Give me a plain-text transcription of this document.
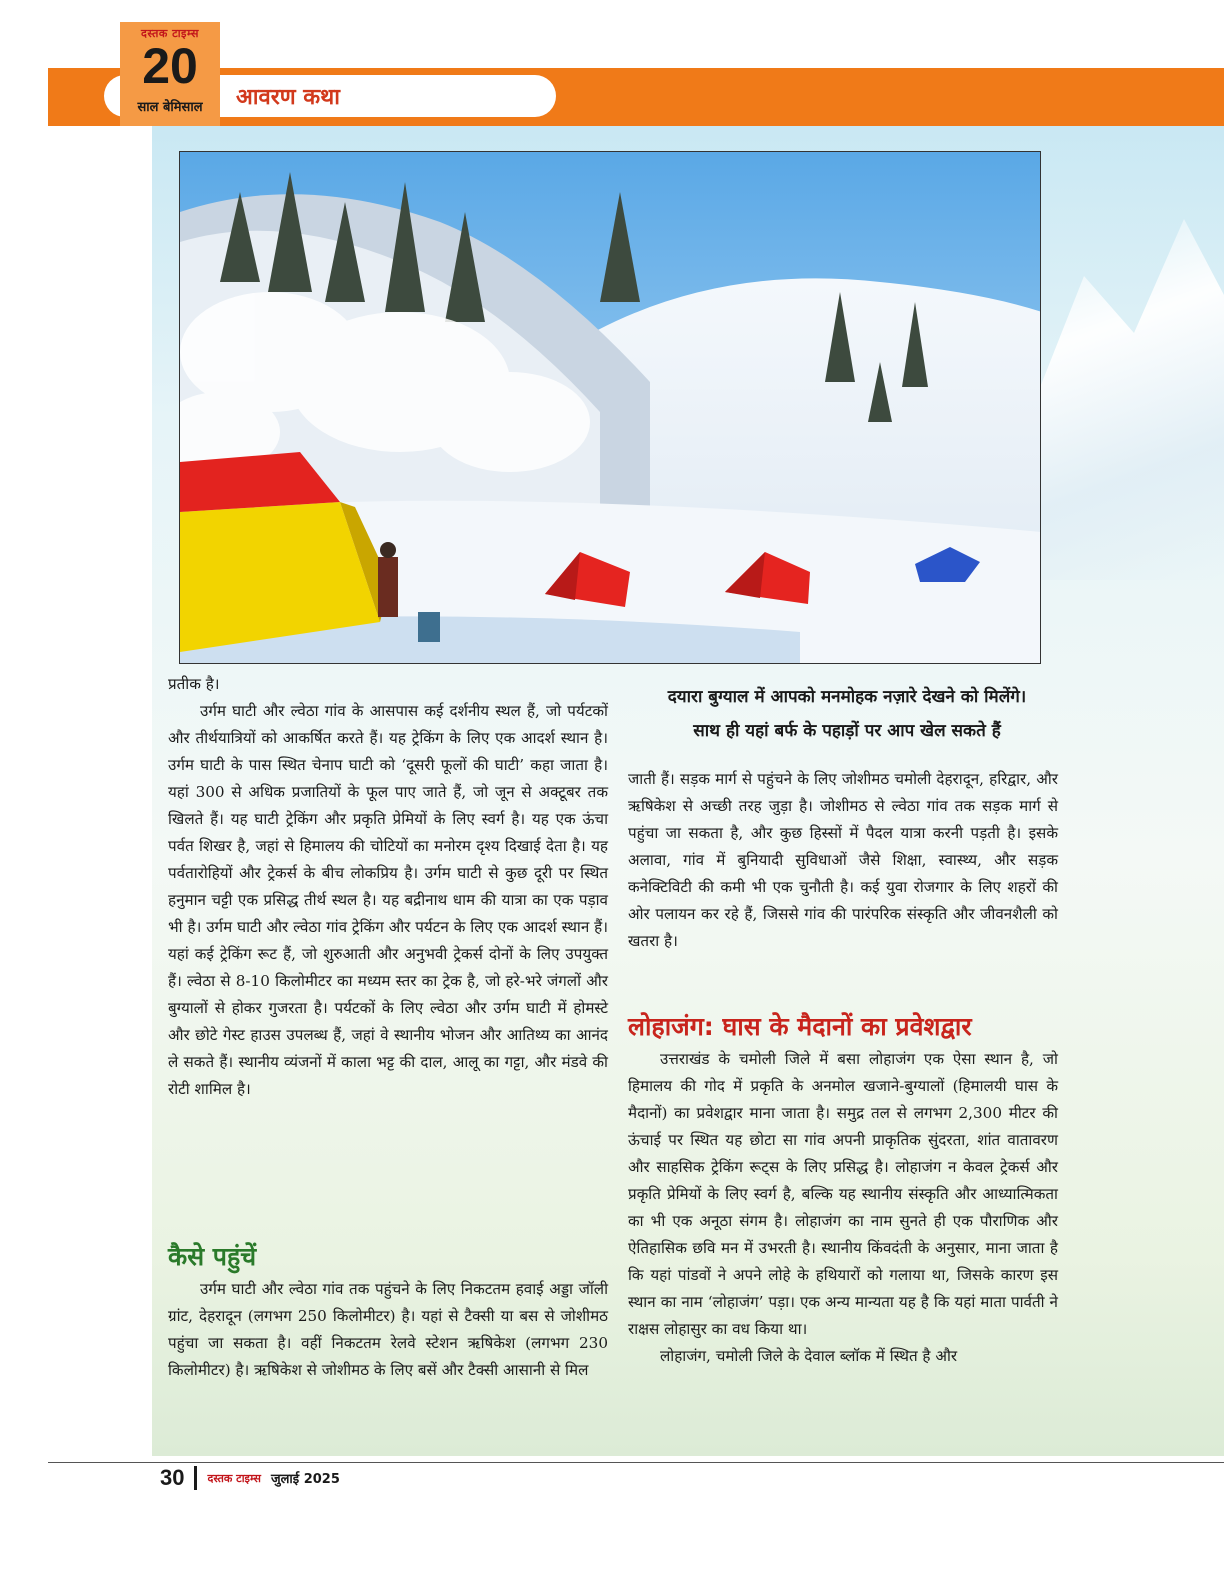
आवरण कथा
दस्तक टाइम्स
20
साल बेमिसाल

प्रतीक है।

उर्गम घाटी और ल्वेठा गांव के आसपास कई दर्शनीय स्थल हैं, जो पर्यटकों और तीर्थयात्रियों को आकर्षित करते हैं। यह ट्रेकिंग के लिए एक आदर्श स्थान है। उर्गम घाटी के पास स्थित चेनाप घाटी को ‘दूसरी फूलों की घाटी’ कहा जाता है। यहां 300 से अधिक प्रजातियों के फूल पाए जाते हैं, जो जून से अक्टूबर तक खिलते हैं। यह घाटी ट्रेकिंग और प्रकृति प्रेमियों के लिए स्वर्ग है। यह एक ऊंचा पर्वत शिखर है, जहां से हिमालय की चोटियों का मनोरम दृश्य दिखाई देता है। यह पर्वतारोहियों और ट्रेकर्स के बीच लोकप्रिय है। उर्गम घाटी से कुछ दूरी पर स्थित हनुमान चट्टी एक प्रसिद्ध तीर्थ स्थल है। यह बद्रीनाथ धाम की यात्रा का एक पड़ाव भी है। उर्गम घाटी और ल्वेठा गांव ट्रेकिंग और पर्यटन के लिए एक आदर्श स्थान हैं। यहां कई ट्रेकिंग रूट हैं, जो शुरुआती और अनुभवी ट्रेकर्स दोनों के लिए उपयुक्त हैं। ल्वेठा से 8-10 किलोमीटर का मध्यम स्तर का ट्रेक है, जो हरे-भरे जंगलों और बुग्यालों से होकर गुजरता है। पर्यटकों के लिए ल्वेठा और उर्गम घाटी में होमस्टे और छोटे गेस्ट हाउस उपलब्ध हैं, जहां वे स्थानीय भोजन और आतिथ्य का आनंद ले सकते हैं। स्थानीय व्यंजनों में काला भट्ट की दाल, आलू का गट्टा, और मंडवे की रोटी शामिल है।

कैसे पहुंचें

उर्गम घाटी और ल्वेठा गांव तक पहुंचने के लिए निकटतम हवाई अड्डा जॉली ग्रांट, देहरादून (लगभग 250 किलोमीटर) है। यहां से टैक्सी या बस से जोशीमठ पहुंचा जा सकता है। वहीं निकटतम रेलवे स्टेशन ऋषिकेश (लगभग 230 किलोमीटर) है। ऋषिकेश से जोशीमठ के लिए बसें और टैक्सी आसानी से मिल

दयारा बुग्याल में आपको मनमोहक नज़ारे देखने को मिलेंगे।
साथ ही यहां बर्फ के पहाड़ों पर आप खेल सकते हैं

जाती हैं। सड़क मार्ग से पहुंचने के लिए जोशीमठ चमोली देहरादून, हरिद्वार, और ऋषिकेश से अच्छी तरह जुड़ा है। जोशीमठ से ल्वेठा गांव तक सड़क मार्ग से पहुंचा जा सकता है, और कुछ हिस्सों में पैदल यात्रा करनी पड़ती है। इसके अलावा, गांव में बुनियादी सुविधाओं जैसे शिक्षा, स्वास्थ्य, और सड़क कनेक्टिविटी की कमी भी एक चुनौती है। कई युवा रोजगार के लिए शहरों की ओर पलायन कर रहे हैं, जिससे गांव की पारंपरिक संस्कृति और जीवनशैली को खतरा है।

लोहाजंग: घास के मैदानों का प्रवेशद्वार

उत्तराखंड के चमोली जिले में बसा लोहाजंग एक ऐसा स्थान है, जो हिमालय की गोद में प्रकृति के अनमोल खजाने-बुग्यालों (हिमालयी घास के मैदानों) का प्रवेशद्वार माना जाता है। समुद्र तल से लगभग 2,300 मीटर की ऊंचाई पर स्थित यह छोटा सा गांव अपनी प्राकृतिक सुंदरता, शांत वातावरण और साहसिक ट्रेकिंग रूट्स के लिए प्रसिद्ध है। लोहाजंग न केवल ट्रेकर्स और प्रकृति प्रेमियों के लिए स्वर्ग है, बल्कि यह स्थानीय संस्कृति और आध्यात्मिकता का भी एक अनूठा संगम है। लोहाजंग का नाम सुनते ही एक पौराणिक और ऐतिहासिक छवि मन में उभरती है। स्थानीय किंवदंती के अनुसार, माना जाता है कि यहां पांडवों ने अपने लोहे के हथियारों को गलाया था, जिसके कारण इस स्थान का नाम ‘लोहाजंग’ पड़ा। एक अन्य मान्यता यह है कि यहां माता पार्वती ने राक्षस लोहासुर का वध किया था।

लोहाजंग, चमोली जिले के देवाल ब्लॉक में स्थित है और

30 दस्तक टाइम्स जुलाई 2025
